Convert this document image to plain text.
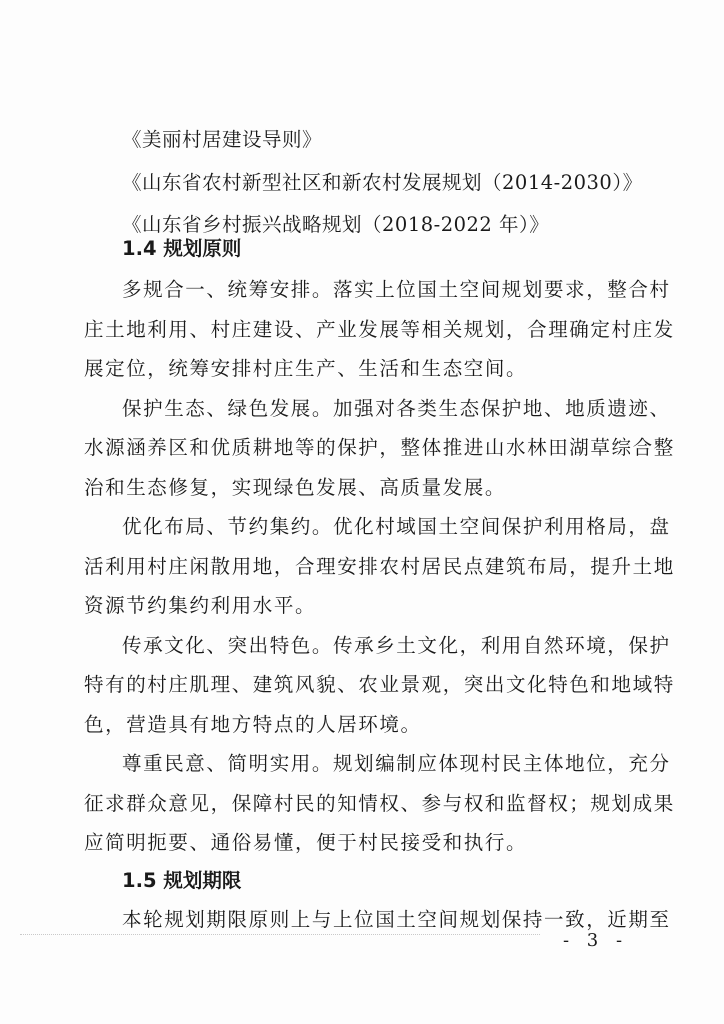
《美丽村居建设导则》
《山东省农村新型社区和新农村发展规划（2014-2030）》
《山东省乡村振兴战略规划（2018-2022 年）》
1.4 规划原则
多规合一、统筹安排。落实上位国土空间规划要求，整合村
庄土地利用、村庄建设、产业发展等相关规划，合理确定村庄发
展定位，统筹安排村庄生产、生活和生态空间。
保护生态、绿色发展。加强对各类生态保护地、地质遗迹、
水源涵养区和优质耕地等的保护，整体推进山水林田湖草综合整
治和生态修复，实现绿色发展、高质量发展。
优化布局、节约集约。优化村域国土空间保护利用格局，盘
活利用村庄闲散用地，合理安排农村居民点建筑布局，提升土地
资源节约集约利用水平。
传承文化、突出特色。传承乡土文化，利用自然环境，保护
特有的村庄肌理、建筑风貌、农业景观，突出文化特色和地域特
色，营造具有地方特点的人居环境。
尊重民意、简明实用。规划编制应体现村民主体地位，充分
征求群众意见，保障村民的知情权、参与权和监督权；规划成果
应简明扼要、通俗易懂，便于村民接受和执行。
1.5 规划期限
本轮规划期限原则上与上位国土空间规划保持一致，近期至
- 3 -
